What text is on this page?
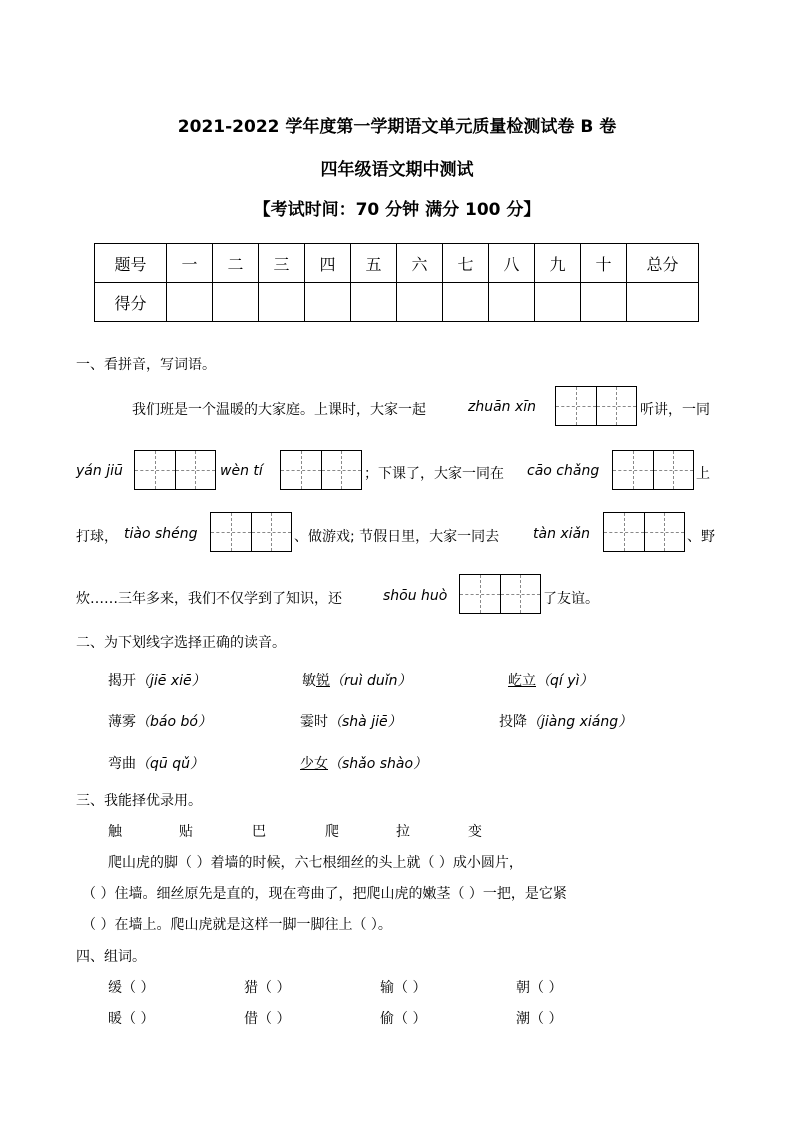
2021-2022 学年度第一学期语文单元质量检测试卷 B 卷
四年级语文期中测试
【考试时间：70 分钟 满分 100 分】
题号	一	二	三	四	五	六	七	八	九	十	总分
得分											
一、看拼音，写词语。
我们班是一个温暖的大家庭。上课时，大家一起	zhuān xīn	听讲，一同
yán jiū	wèn tí	；下课了，大家一同在 cāo chǎng	上
打球， tiào shéng	、做游戏; 节假日里，大家一同去 tàn xiǎn	、野
炊……三年多来，我们不仅学到了知识，还	shōu huò	了友谊。
二、为下划线字选择正确的读音。
揭开（jiē xiē）	敏锐（ruì duǐn）	屹立（qí yì）
薄雾（báo bó）	霎时（shà jiē）	投降（jiàng xiáng）
弯曲（qū qǔ）	少女（shǎo shào）
三、我能择优录用。
触	贴	巴	爬	拉	变
爬山虎的脚（ ）着墙的时候，六七根细丝的头上就（ ）成小圆片，
（ ）住墙。细丝原先是直的，现在弯曲了，把爬山虎的嫩茎（ ）一把，是它紧
（ ）在墙上。爬山虎就是这样一脚一脚往上（ ）。
四、组词。
缓（ ）	猎（ ）	输（ ）	朝（ ）
暖（ ）	借（ ）	偷（ ）	潮（ ）
